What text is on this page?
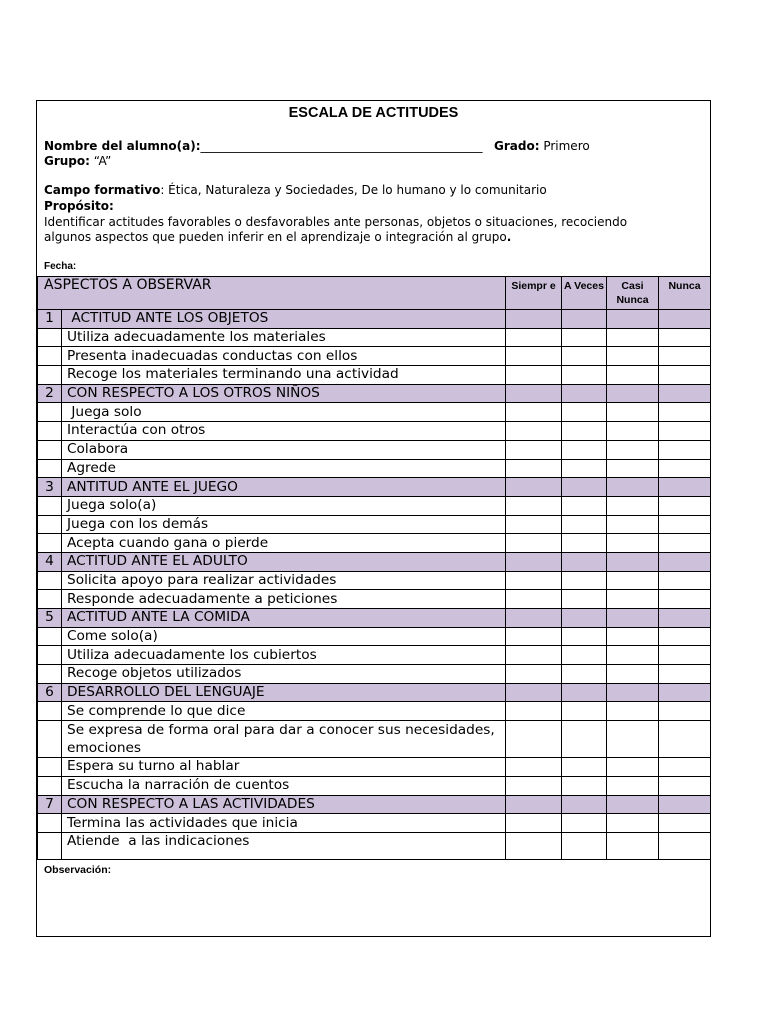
ESCALA DE ACTITUDES
Nombre del alumno(a):_______________________________________________ Grado: Primero
Grupo: “A”
Campo formativo: Ética, Naturaleza y Sociedades, De lo humano y lo comunitario
Propósito:
Identificar actitudes favorables o desfavorables ante personas, objetos o situaciones, recociendo
algunos aspectos que pueden inferir en el aprendizaje o integración al grupo.
Fecha:
ASPECTOS A OBSERVAR		Siempr e	A Veces	Casi Nunca	Nunca
1	ACTITUD ANTE LOS OBJETOS				
	Utiliza adecuadamente los materiales				
	Presenta inadecuadas conductas con ellos				
	Recoge los materiales terminando una actividad				
2	CON RESPECTO A LOS OTROS NIÑOS				
	Juega solo				
	Interactúa con otros				
	Colabora				
	Agrede				
3	ANTITUD ANTE EL JUEGO				
	Juega solo(a)				
	Juega con los demás				
	Acepta cuando gana o pierde				
4	ACTITUD ANTE EL ADULTO				
	Solicita apoyo para realizar actividades				
	Responde adecuadamente a peticiones				
5	ACTITUD ANTE LA COMIDA				
	Come solo(a)				
	Utiliza adecuadamente los cubiertos				
	Recoge objetos utilizados				
6	DESARROLLO DEL LENGUAJE				
	Se comprende lo que dice				
	Se expresa de forma oral para dar a conocer sus necesidades, emociones				
	Espera su turno al hablar				
	Escucha la narración de cuentos				
7	CON RESPECTO A LAS ACTIVIDADES				
	Termina las actividades que inicia				
	Atiende  a las indicaciones				
Observación:
